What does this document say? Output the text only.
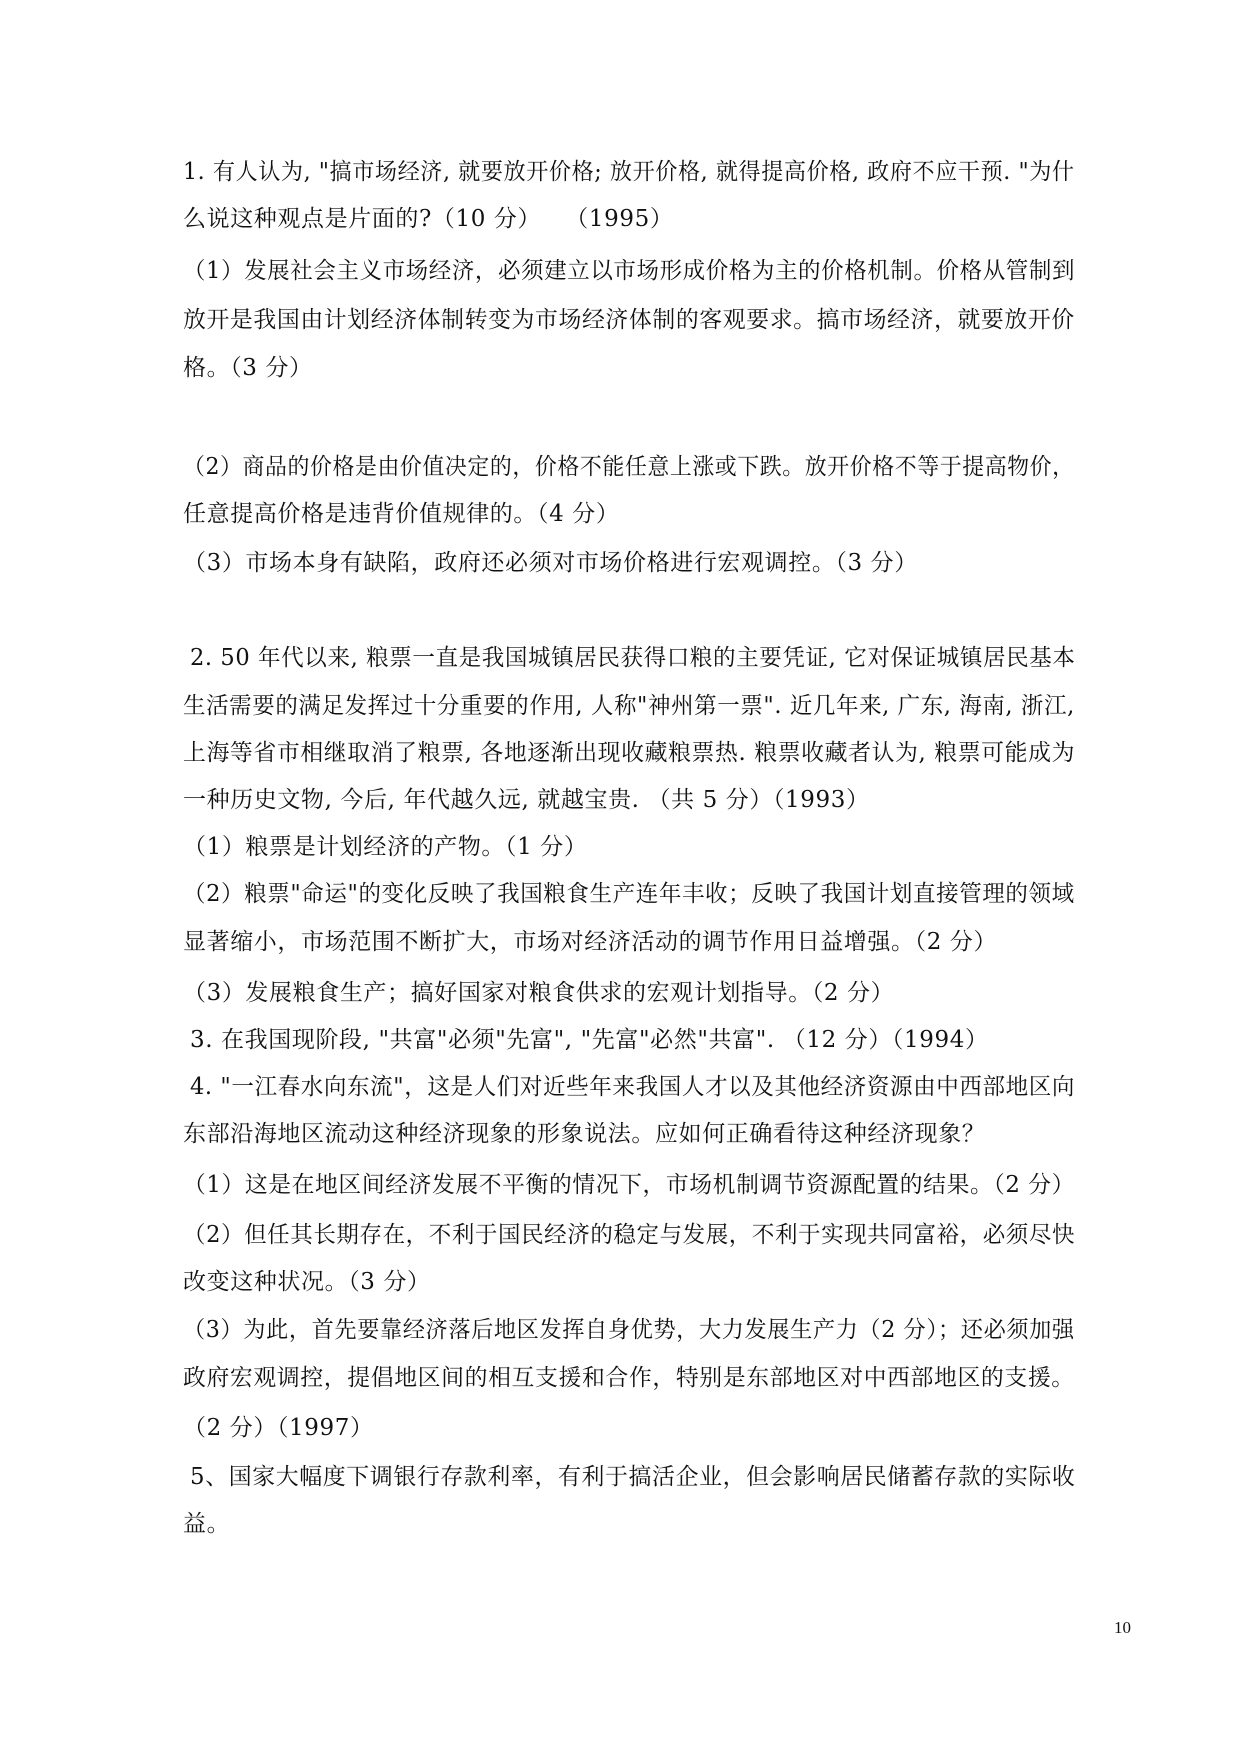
1. 有人认为, "搞市场经济, 就要放开价格; 放开价格, 就得提高价格, 政府不应干预. "为什
么说这种观点是片面的?（10 分）　　（1995）
（1）发展社会主义市场经济，必须建立以市场形成价格为主的价格机制。价格从管制到
放开是我国由计划经济体制转变为市场经济体制的客观要求。搞市场经济，就要放开价
格。（3 分）
（2）商品的价格是由价值决定的，价格不能任意上涨或下跌。放开价格不等于提高物价，
任意提高价格是违背价值规律的。（4 分）
（3）市场本身有缺陷，政府还必须对市场价格进行宏观调控。（3 分）
2. 50 年代以来, 粮票一直是我国城镇居民获得口粮的主要凭证, 它对保证城镇居民基本
生活需要的满足发挥过十分重要的作用, 人称"神州第一票". 近几年来, 广东, 海南, 浙江,
上海等省市相继取消了粮票, 各地逐渐出现收藏粮票热. 粮票收藏者认为, 粮票可能成为
一种历史文物, 今后, 年代越久远, 就越宝贵. （共 5 分）（1993）
（1）粮票是计划经济的产物。（1 分）
（2）粮票"命运"的变化反映了我国粮食生产连年丰收；反映了我国计划直接管理的领域
显著缩小，市场范围不断扩大，市场对经济活动的调节作用日益增强。（2 分）
（3）发展粮食生产；搞好国家对粮食供求的宏观计划指导。（2 分）
3. 在我国现阶段, "共富"必须"先富", "先富"必然"共富". （12 分）（1994）
4. "一江春水向东流"，这是人们对近些年来我国人才以及其他经济资源由中西部地区向
东部沿海地区流动这种经济现象的形象说法。应如何正确看待这种经济现象？
（1）这是在地区间经济发展不平衡的情况下，市场机制调节资源配置的结果。（2 分）
（2）但任其长期存在，不利于国民经济的稳定与发展，不利于实现共同富裕，必须尽快
改变这种状况。（3 分）
（3）为此，首先要靠经济落后地区发挥自身优势，大力发展生产力（2 分）；还必须加强
政府宏观调控，提倡地区间的相互支援和合作，特别是东部地区对中西部地区的支援。
（2 分）（1997）
5、国家大幅度下调银行存款利率，有利于搞活企业，但会影响居民储蓄存款的实际收
益。
10
